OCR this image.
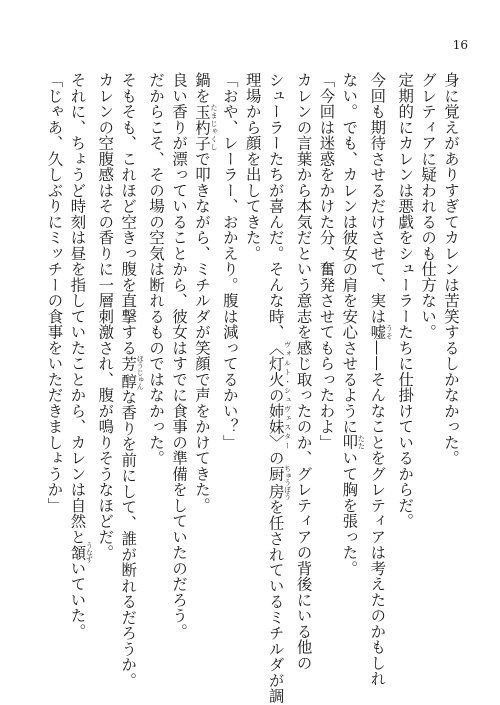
16
身に覚えがありすぎてカレンは苦笑するしかなかった。
グレティアに疑われるのも仕方ない。
定期的にカレンは悪戯をシューラーたちに仕掛けているからだ。
今回も期待させるだけさせて、実は嘘 うそ——そんなことをグレティアは考えたのかもしれ
ない。でも、カレンは彼女の肩を安心させるように叩 たたいて胸を張った。
「今回は迷惑をかけた分、奮発させてもらったわよ」
カレンの言葉から本気だという意志を感じ取ったのか、グレティアの背後にいる他の
シューラーたちが喜んだ。そんな時、〈灯火の姉妹〉 ヴォルト・シュヴェスターの厨房 ちゅうぼうを任されているミチルダが調
理場から顔を出してきた。
「おや、レーラー、おかえり。腹は減ってるかい？」
鍋を玉杓子 たまじゃくしで叩きながら、ミチルダが笑顔で声をかけてきた。
良い香りが漂っていることから、彼女はすでに食事の準備をしていたのだろう。
だからこそ、その場の空気は断れるものではなかった。
そもそも、これほど空きっ腹を直撃する芳醇 ほうじゅんな香りを前にして、誰が断れるだろうか。
カレンの空腹感はその香りに一層刺激され、腹が鳴りそうなほどだ。
それに、ちょうど時刻は昼を指していたことから、カレンは自然と頷 うなずいていた。
「じゃあ、久しぶりにミッチーの食事をいただきましょうか」
